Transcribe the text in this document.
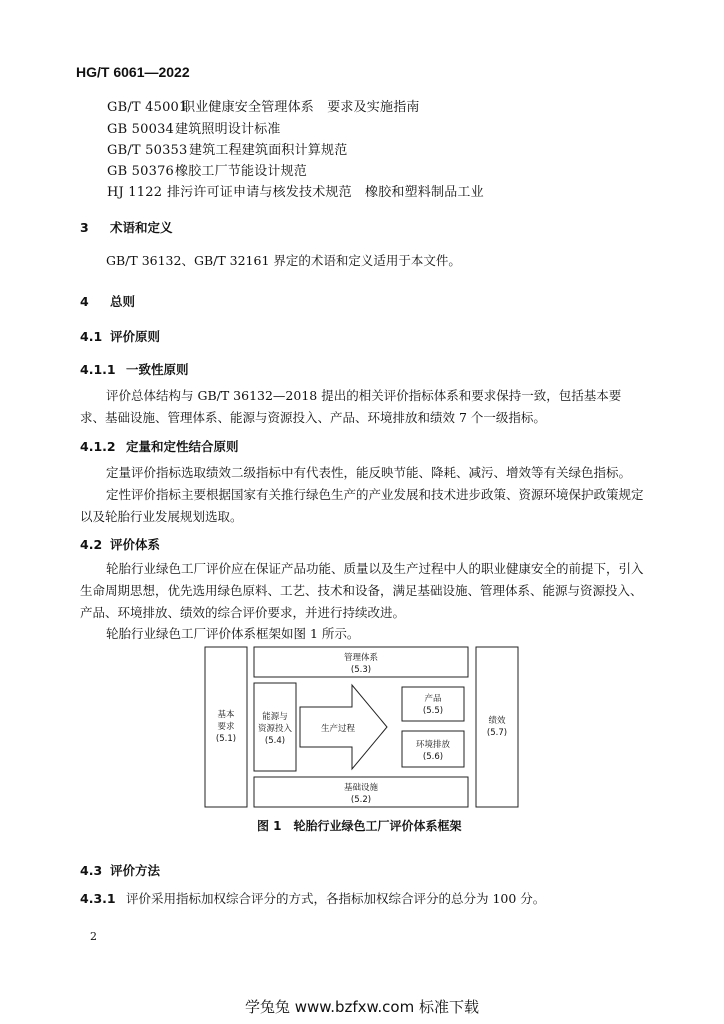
HG/T 6061—2022
GB/T 45001职业健康安全管理体系　要求及实施指南
GB 50034建筑照明设计标准
GB/T 50353 建筑工程建筑面积计算规范
GB 50376橡胶工厂节能设计规范
HJ 1122 排污许可证申请与核发技术规范　橡胶和塑料制品工业
3 术语和定义
GB/T 36132、GB/T 32161 界定的术语和定义适用于本文件。
4 总则
4.1 评价原则
4.1.1 一致性原则
评价总体结构与 GB/T 36132—2018 提出的相关评价指标体系和要求保持一致，包括基本要求、基础设施、管理体系、能源与资源投入、产品、环境排放和绩效 7 个一级指标。
4.1.2 定量和定性结合原则
定量评价指标选取绩效二级指标中有代表性，能反映节能、降耗、减污、增效等有关绿色指标。
定性评价指标主要根据国家有关推行绿色生产的产业发展和技术进步政策、资源环境保护政策规定以及轮胎行业发展规划选取。
4.2 评价体系
轮胎行业绿色工厂评价应在保证产品功能、质量以及生产过程中人的职业健康安全的前提下，引入生命周期思想，优先选用绿色原料、工艺、技术和设备，满足基础设施、管理体系、能源与资源投入、产品、环境排放、绩效的综合评价要求，并进行持续改进。
轮胎行业绿色工厂评价体系框架如图 1 所示。
基本
要求
(5.1)
管理体系
(5.3)
能源与
资源投入
(5.4)
生产过程
产品
(5.5)
环境排放
(5.6)
基础设施
(5.2)
绩效
(5.7)
图 1　轮胎行业绿色工厂评价体系框架
4.3 评价方法
4.3.1 评价采用指标加权综合评分的方式，各指标加权综合评分的总分为 100 分。
2
学兔兔 www.bzfxw.com 标准下载
